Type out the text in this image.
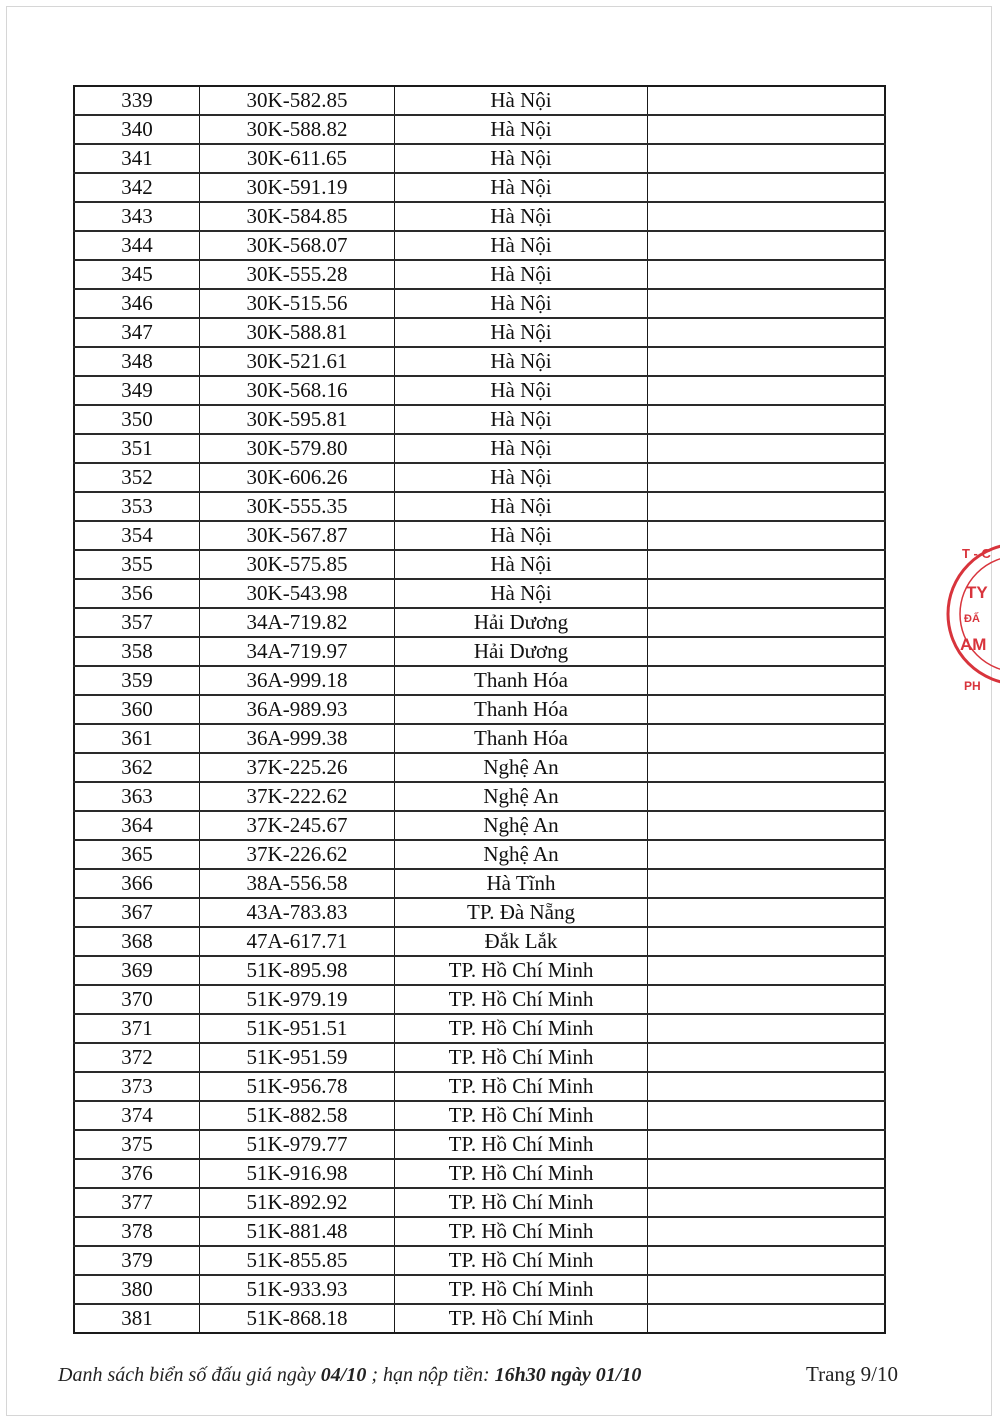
339	30K-582.85	Hà Nội	
340	30K-588.82	Hà Nội	
341	30K-611.65	Hà Nội	
342	30K-591.19	Hà Nội	
343	30K-584.85	Hà Nội	
344	30K-568.07	Hà Nội	
345	30K-555.28	Hà Nội	
346	30K-515.56	Hà Nội	
347	30K-588.81	Hà Nội	
348	30K-521.61	Hà Nội	
349	30K-568.16	Hà Nội	
350	30K-595.81	Hà Nội	
351	30K-579.80	Hà Nội	
352	30K-606.26	Hà Nội	
353	30K-555.35	Hà Nội	
354	30K-567.87	Hà Nội	
355	30K-575.85	Hà Nội	
356	30K-543.98	Hà Nội	
357	34A-719.82	Hải Dương	
358	34A-719.97	Hải Dương	
359	36A-999.18	Thanh Hóa	
360	36A-989.93	Thanh Hóa	
361	36A-999.38	Thanh Hóa	
362	37K-225.26	Nghệ An	
363	37K-222.62	Nghệ An	
364	37K-245.67	Nghệ An	
365	37K-226.62	Nghệ An	
366	38A-556.58	Hà Tĩnh	
367	43A-783.83	TP. Đà Nẵng	
368	47A-617.71	Đắk Lắk	
369	51K-895.98	TP. Hồ Chí Minh	
370	51K-979.19	TP. Hồ Chí Minh	
371	51K-951.51	TP. Hồ Chí Minh	
372	51K-951.59	TP. Hồ Chí Minh	
373	51K-956.78	TP. Hồ Chí Minh	
374	51K-882.58	TP. Hồ Chí Minh	
375	51K-979.77	TP. Hồ Chí Minh	
376	51K-916.98	TP. Hồ Chí Minh	
377	51K-892.92	TP. Hồ Chí Minh	
378	51K-881.48	TP. Hồ Chí Minh	
379	51K-855.85	TP. Hồ Chí Minh	
380	51K-933.93	TP. Hồ Chí Minh	
381	51K-868.18	TP. Hồ Chí Minh	
Danh sách biển số đấu giá ngày 04/10 ; hạn nộp tiền: 16h30 ngày 01/10	Trang 9/10
T - C
TY
ĐẤ
AM
PH
